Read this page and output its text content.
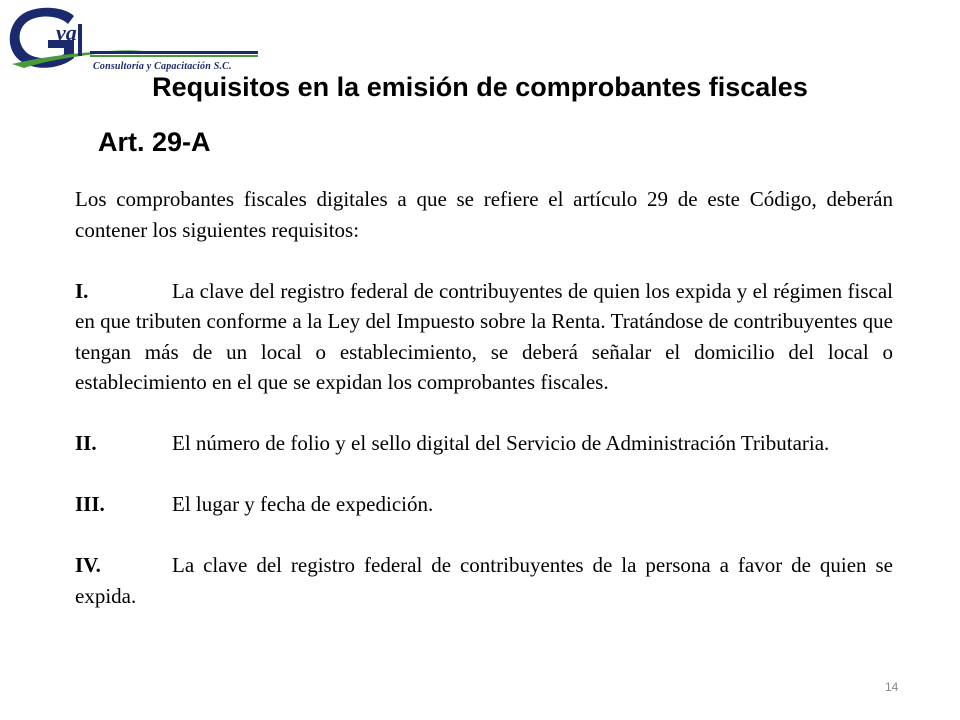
va
Consultoría y Capacitación S.C.
Requisitos en la emisión de comprobantes fiscales
Art. 29-A

Los comprobantes fiscales digitales a que se refiere el artículo 29 de este Código, deberán contener los siguientes requisitos:

I.	La clave del registro federal de contribuyentes de quien los expida y el régimen fiscal en que tributen conforme a la Ley del Impuesto sobre la Renta. Tratándose de contribuyentes que tengan más de un local o establecimiento, se deberá señalar el domicilio del local o establecimiento en el que se expidan los comprobantes fiscales.

II.	El número de folio y el sello digital del Servicio de Administración Tributaria.

III.	El lugar y fecha de expedición.

IV.	La clave del registro federal de contribuyentes de la persona a favor de quien se expida.

14
